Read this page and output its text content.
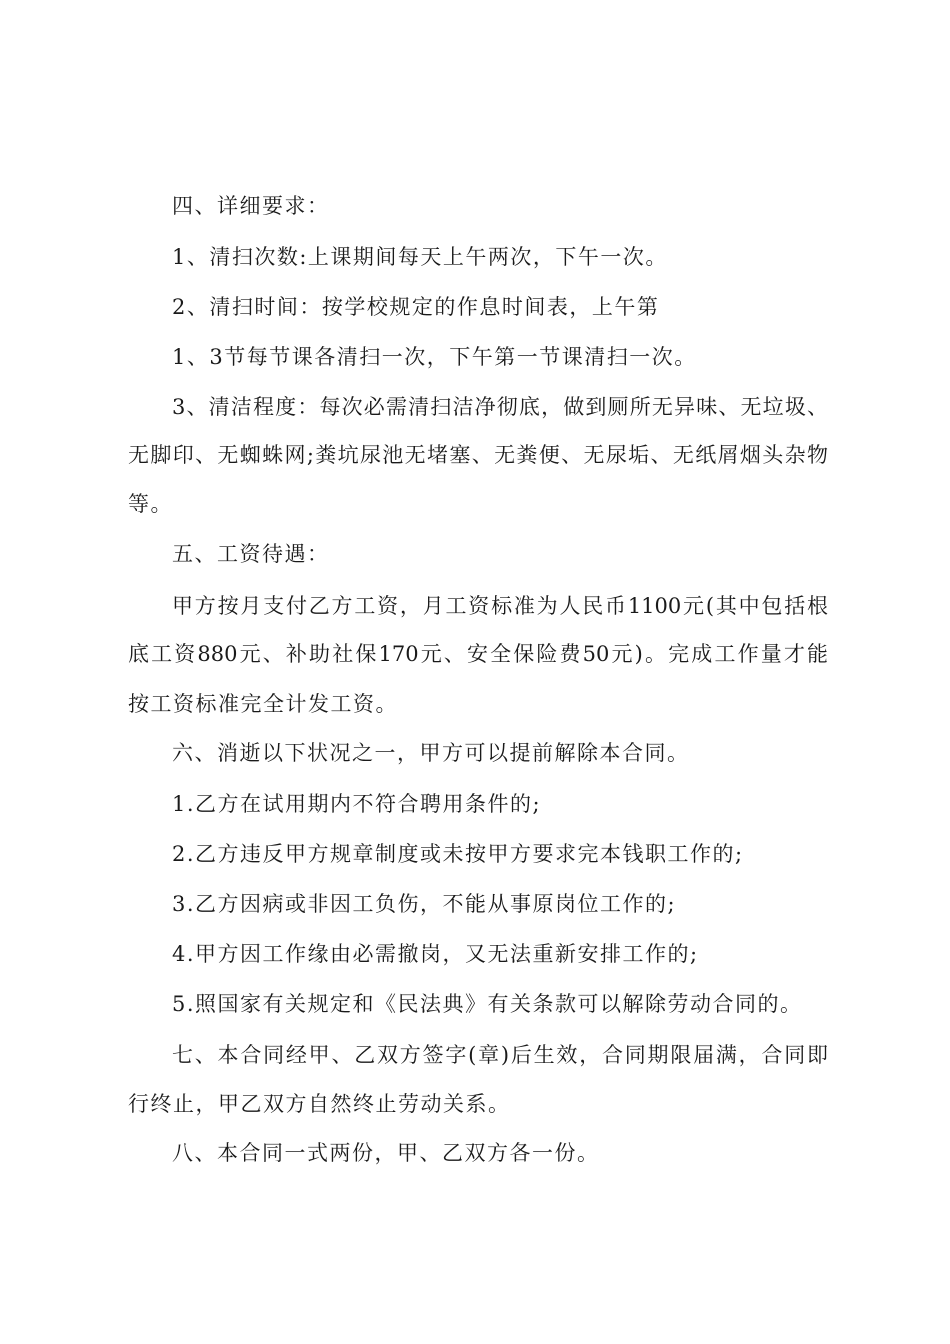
四、详细要求：
1、清扫次数:上课期间每天上午两次，下午一次。
2、清扫时间：按学校规定的作息时间表，上午第
1、3节每节课各清扫一次，下午第一节课清扫一次。
3、清洁程度：每次必需清扫洁净彻底，做到厕所无异味、无垃圾、
无脚印、无蜘蛛网;粪坑尿池无堵塞、无粪便、无尿垢、无纸屑烟头杂物
等。
五、工资待遇：
甲方按月支付乙方工资，月工资标准为人民币1100元(其中包括根
底工资880元、补助社保170元、安全保险费50元)。完成工作量才能
按工资标准完全计发工资。
六、消逝以下状况之一，甲方可以提前解除本合同。
1.乙方在试用期内不符合聘用条件的;
2.乙方违反甲方规章制度或未按甲方要求完本钱职工作的;
3.乙方因病或非因工负伤，不能从事原岗位工作的;
4.甲方因工作缘由必需撤岗，又无法重新安排工作的;
5.照国家有关规定和《民法典》有关条款可以解除劳动合同的。
七、本合同经甲、乙双方签字(章)后生效，合同期限届满，合同即
行终止，甲乙双方自然终止劳动关系。
八、本合同一式两份，甲、乙双方各一份。
